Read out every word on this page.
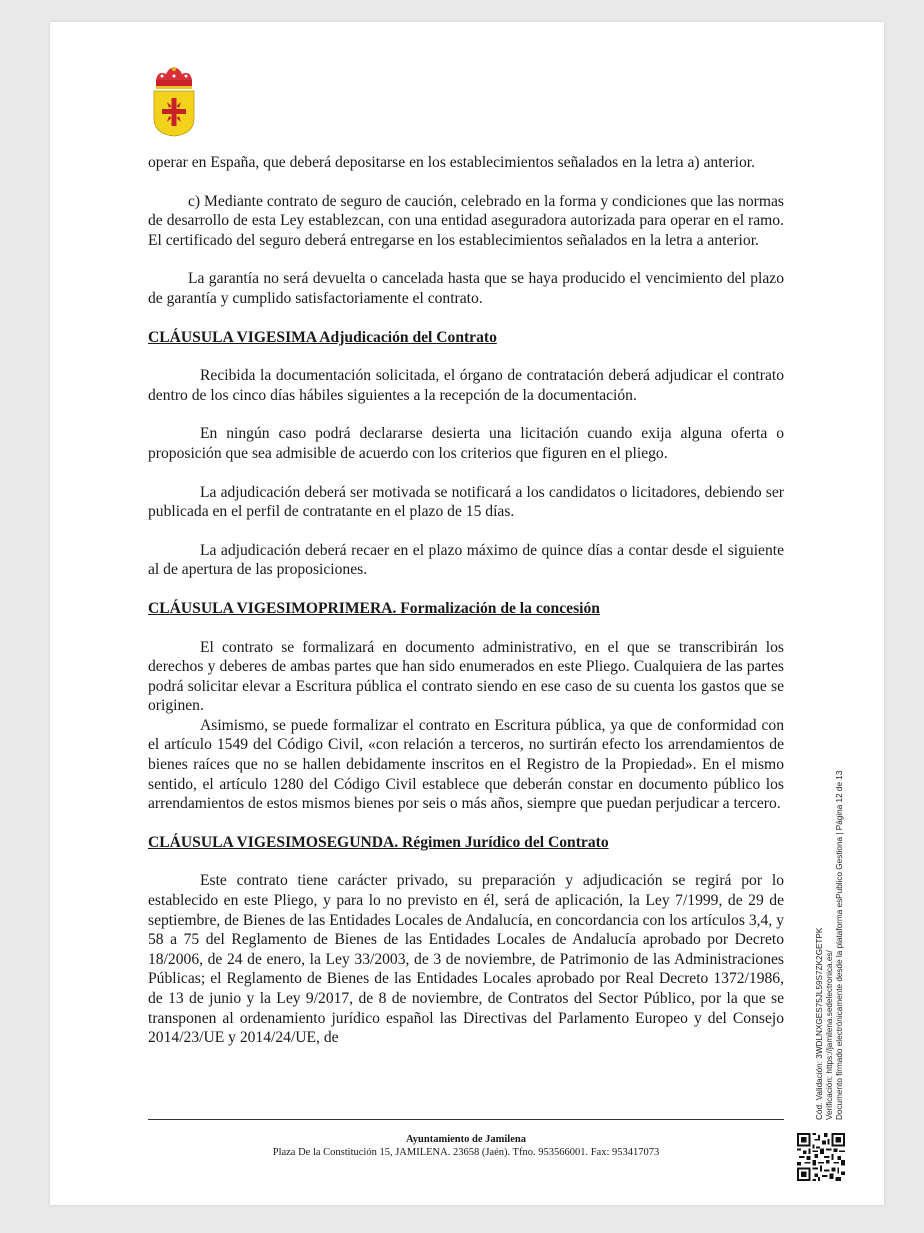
operar en España, que deberá depositarse en los establecimientos señalados en la letra a) anterior.

c) Mediante contrato de seguro de caución, celebrado en la forma y condiciones que las normas de desarrollo de esta Ley establezcan, con una entidad aseguradora autorizada para operar en el ramo. El certificado del seguro deberá entregarse en los establecimientos señalados en la letra a anterior.

La garantía no será devuelta o cancelada hasta que se haya producido el vencimiento del plazo de garantía y cumplido satisfactoriamente el contrato.

CLÁUSULA VIGESIMA Adjudicación del Contrato

Recibida la documentación solicitada, el órgano de contratación deberá adjudicar el contrato dentro de los cinco días hábiles siguientes a la recepción de la documentación.

En ningún caso podrá declararse desierta una licitación cuando exija alguna oferta o proposición que sea admisible de acuerdo con los criterios que figuren en el pliego.

La adjudicación deberá ser motivada se notificará a los candidatos o licitadores, debiendo ser publicada en el perfil de contratante en el plazo de 15 días.

La adjudicación deberá recaer en el plazo máximo de quince días a contar desde el siguiente al de apertura de las proposiciones.

CLÁUSULA VIGESIMOPRIMERA. Formalización de la concesión

El contrato se formalizará en documento administrativo, en el que se transcribirán los derechos y deberes de ambas partes que han sido enumerados en este Pliego. Cualquiera de las partes podrá solicitar elevar a Escritura pública el contrato siendo en ese caso de su cuenta los gastos que se originen.

Asimismo, se puede formalizar el contrato en Escritura pública, ya que de conformidad con el artículo 1549 del Código Civil, «con relación a terceros, no surtirán efecto los arrendamientos de bienes raíces que no se hallen debidamente inscritos en el Registro de la Propiedad». En el mismo sentido, el artículo 1280 del Código Civil establece que deberán constar en documento público los arrendamientos de estos mismos bienes por seis o más años, siempre que puedan perjudicar a tercero.

CLÁUSULA VIGESIMOSEGUNDA. Régimen Jurídico del Contrato

Este contrato tiene carácter privado, su preparación y adjudicación se regirá por lo establecido en este Pliego, y para lo no previsto en él, será de aplicación, la Ley 7/1999, de 29 de septiembre, de Bienes de las Entidades Locales de Andalucía, en concordancia con los artículos 3,4, y 58 a 75 del Reglamento de Bienes de las Entidades Locales de Andalucía aprobado por Decreto 18/2006, de 24 de enero, la Ley 33/2003, de 3 de noviembre, de Patrimonio de las Administraciones Públicas; el Reglamento de Bienes de las Entidades Locales aprobado por Real Decreto 1372/1986, de 13 de junio y la Ley 9/2017, de 8 de noviembre, de Contratos del Sector Público, por la que se transponen al ordenamiento jurídico español las Directivas del Parlamento Europeo y del Consejo 2014/23/UE y 2014/24/UE, de

Ayuntamiento de Jamilena
Plaza De la Constitución 15, JAMILENA. 23658 (Jaén). Tfno. 953566001. Fax: 953417073
Cód. Validación: 3WDLNXGES75JL59S7ZK2GETPK Verificación: https://jamilena.sedelectronica.es/ Documento firmado electrónicamente desde la plataforma esPublico Gestiona | Página 12 de 13
